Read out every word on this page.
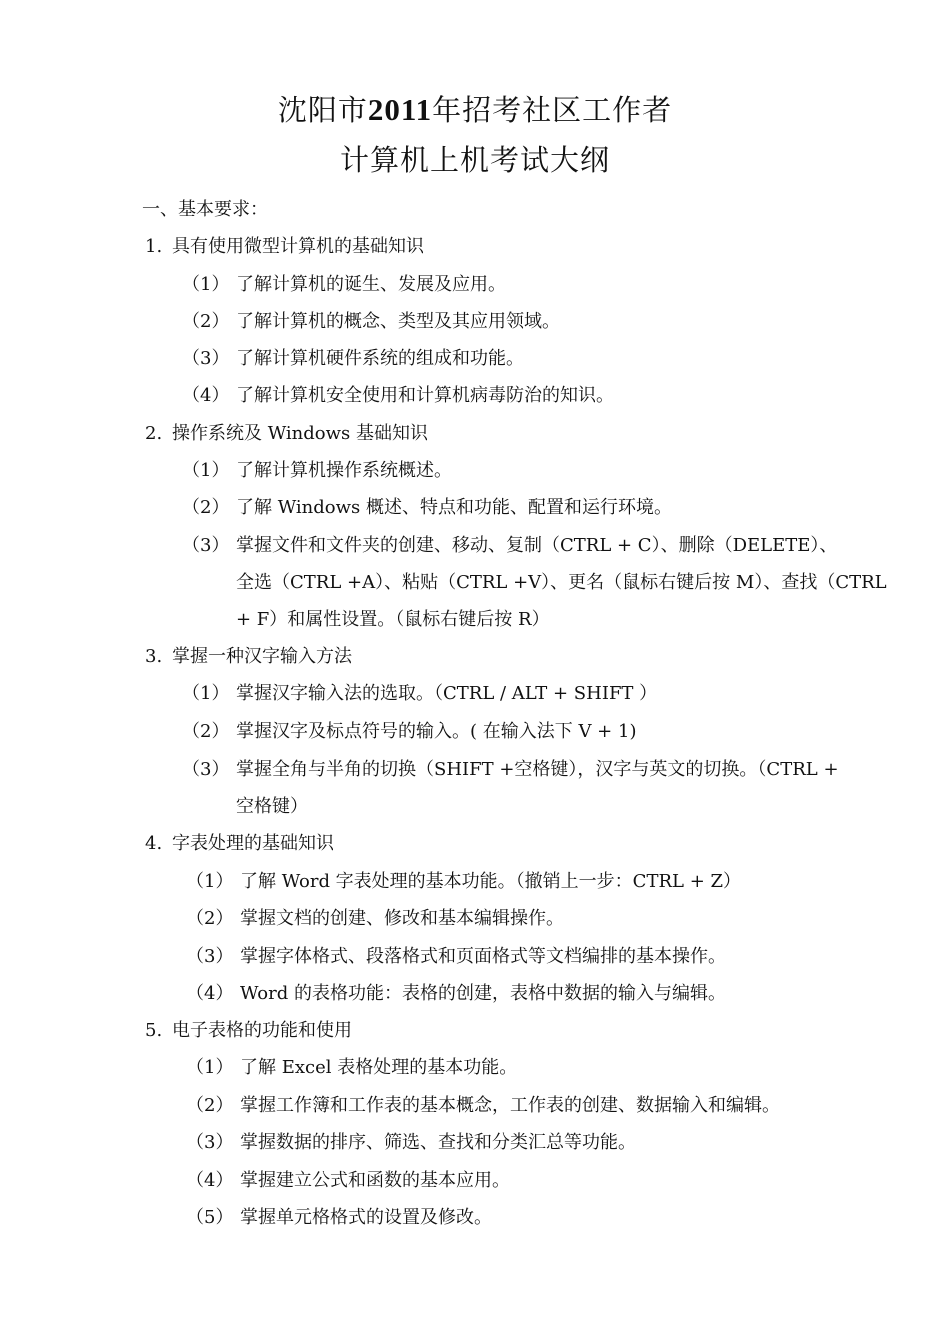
沈阳市2011年招考社区工作者
计算机上机考试大纲
一、基本要求：
1. 具有使用微型计算机的基础知识
（1） 了解计算机的诞生、发展及应用。
（2） 了解计算机的概念、类型及其应用领域。
（3） 了解计算机硬件系统的组成和功能。
（4） 了解计算机安全使用和计算机病毒防治的知识。
2. 操作系统及 Windows 基础知识
（1） 了解计算机操作系统概述。
（2） 了解 Windows 概述、特点和功能、配置和运行环境。
（3） 掌握文件和文件夹的创建、移动、复制（CTRL + C）、删除（DELETE）、
全选（CTRL +A）、粘贴（CTRL +V）、更名（鼠标右键后按 M）、查找（CTRL
+ F）和属性设置。（鼠标右键后按 R）
3. 掌握一种汉字输入方法
（1） 掌握汉字输入法的选取。（CTRL / ALT + SHIFT ）
（2） 掌握汉字及标点符号的输入。( 在输入法下 V + 1)
（3） 掌握全角与半角的切换（SHIFT +空格键），汉字与英文的切换。（CTRL +
空格键）
4. 字表处理的基础知识
（1） 了解 Word 字表处理的基本功能。（撤销上一步：CTRL + Z）
（2） 掌握文档的创建、修改和基本编辑操作。
（3） 掌握字体格式、段落格式和页面格式等文档编排的基本操作。
（4） Word 的表格功能：表格的创建，表格中数据的输入与编辑。
5. 电子表格的功能和使用
（1） 了解 Excel 表格处理的基本功能。
（2） 掌握工作簿和工作表的基本概念，工作表的创建、数据输入和编辑。
（3） 掌握数据的排序、筛选、查找和分类汇总等功能。
（4） 掌握建立公式和函数的基本应用。
（5） 掌握单元格格式的设置及修改。
